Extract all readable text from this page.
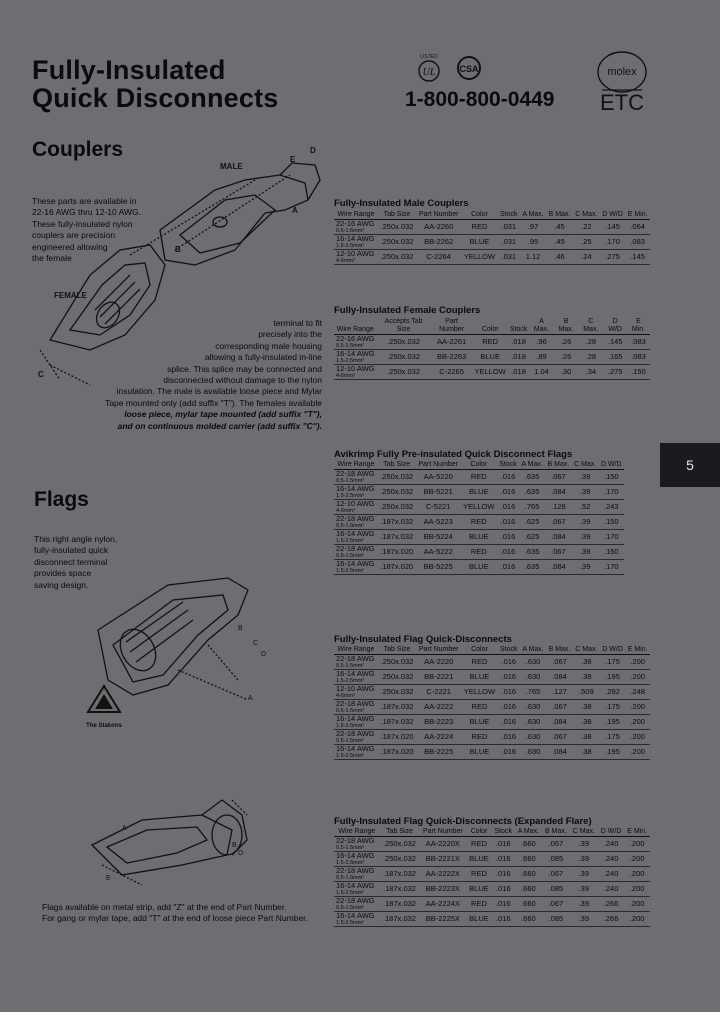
Fully-Insulated
Quick Disconnects
UL
LISTED
CSA
1-800-800-0449
molex
ETC
Couplers
These parts are available in
22-16 AWG thru 12-10 AWG.
These fully-insulated nylon
couplers are precision
engineered allowing
the female
terminal to fit
precisely into the
corresponding male housing
allowing a fully-insulated in-line
splice. This splice may be connected and
disconnected without damage to the nylon
insulation. The male is available loose piece and Mylar
Tape mounted only (add suffix "T"). The females available
loose piece, mylar tape mounted (add suffix "T"),
and on continuous molded carrier (add suffix "C").
MALE
FEMALE
A
B
C
D
E
Flags
This right angle nylon,
fully-insulated quick
disconnect terminal
provides space
saving design.
A
B
C
D
The Stakons
A
B
D
E
Flags available on metal strip, add "Z" at the end of Part Number.
For gang or mylar tape, add "T" at the end of loose piece Part Number.
5
Fully-Insulated Male Couplers
Wire Range	Tab Size	Part Number	Color	Stock	A Max.	B Max.	C Max.	D W/D	E Min.

22-16 AWG
0.5-1.5mm²	.250x.032	AA-2260	RED	.031	.97	.45	.22	.145	.064

16-14 AWG
1.5-2.5mm²	.250x.032	BB-2262	BLUE	.031	.95	.45	.25	.170	.083

12-10 AWG
4-6mm²	.250x.032	C-2264	YELLOW	.031	1.12	.46	.24	.275	.145
Fully-Insulated Female Couplers
Wire Range	Accepts Tab Size	Part Number	Color	Stock	A Max.	B Max.	C Max.	D W/D	E Min.

22-16 AWG
0.5-1.5mm²	.250x.032	AA-2261	RED	.018	.96	.26	.28	.145	.083

16-14 AWG
1.5-2.5mm²	.250x.032	BB-2263	BLUE	.018	.89	.26	.28	.165	.083

12-10 AWG
4-6mm²	.250x.032	C-2265	YELLOW	.018	1.04	.30	.34	.275	.150
Avikrimp Fully Pre-insulated Quick Disconnect Flags
Wire Range	Tab Size	Part Number	Color	Stock	A Max.	B Max.	C Max.	D W/D

22-18 AWG
0.5-1.5mm²	.250x.032	AA-5220	RED	.016	.635	.067	.39	.150

16-14 AWG
1.5-2.5mm²	.250x.032	BB-5221	BLUE	.016	.635	.084	.39	.170

12-10 AWG
4-6mm²	.250x.032	C-5221	YELLOW	.016	.765	.128	.52	.243

22-18 AWG
0.5-1.5mm²	.187x.032	AA-5223	RED	.016	.625	.067	.39	.150

16-14 AWG
1.5-2.5mm²	.187x.032	BB-5224	BLUE	.016	.625	.084	.39	.170

22-18 AWG
0.5-1.5mm²	.187x.020	AA-5222	RED	.016	.635	.067	.39	.150

16-14 AWG
1.5-2.5mm²	.187x.020	BB-5225	BLUE	.016	.635	.084	.39	.170
Fully-Insulated Flag Quick-Disconnects
Wire Range	Tab Size	Part Number	Color	Stock	A Max.	B Max.	C Max.	D W/D	E Min.

22-18 AWG
0.5-1.5mm²	.250x.032	AA-2220	RED	.016	.630	.067	.38	.175	.200

16-14 AWG
1.5-2.5mm²	.250x.032	BB-2221	BLUE	.016	.630	.084	.38	.195	.200

12-10 AWG
4-6mm²	.250x.032	C-2221	YELLOW	.016	.765	.127	.509	.292	.248

22-18 AWG
0.5-1.5mm²	.187x.032	AA-2222	RED	.016	.630	.067	.38	.175	.200

16-14 AWG
1.5-2.5mm²	.187x.032	BB-2223	BLUE	.016	.630	.084	.38	.195	.200

22-18 AWG
0.5-1.5mm²	.187x.020	AA-2224	RED	.016	.630	.067	.38	.175	.200

16-14 AWG
1.5-2.5mm²	.187x.020	BB-2225	BLUE	.016	.630	.084	.38	.195	.200
Fully-Insulated Flag Quick-Disconnects (Expanded Flare)
Wire Range	Tab Size	Part Number	Color	Stock	A Max.	B Max.	C Max.	D W/D	E Min.

22-18 AWG
0.5-1.5mm²	.250x.032	AA-2220X	RED	.016	.660	.067	.39	.240	.200

16-14 AWG
1.5-2.5mm²	.250x.032	BB-2221X	BLUE	.016	.660	.085	.39	.240	.200

22-18 AWG
0.5-1.5mm²	.187x.032	AA-2222X	RED	.016	.660	.067	.39	.240	.200

16-14 AWG
1.5-2.5mm²	.187x.032	BB-2223X	BLUE	.016	.660	.085	.39	.240	.200

22-18 AWG
0.5-1.5mm²	.187x.032	AA-2224X	RED	.016	.660	.067	.39	.266	.200

16-14 AWG
1.5-2.5mm²	.187x.032	BB-2225X	BLUE	.016	.660	.085	.39	.266	.200
